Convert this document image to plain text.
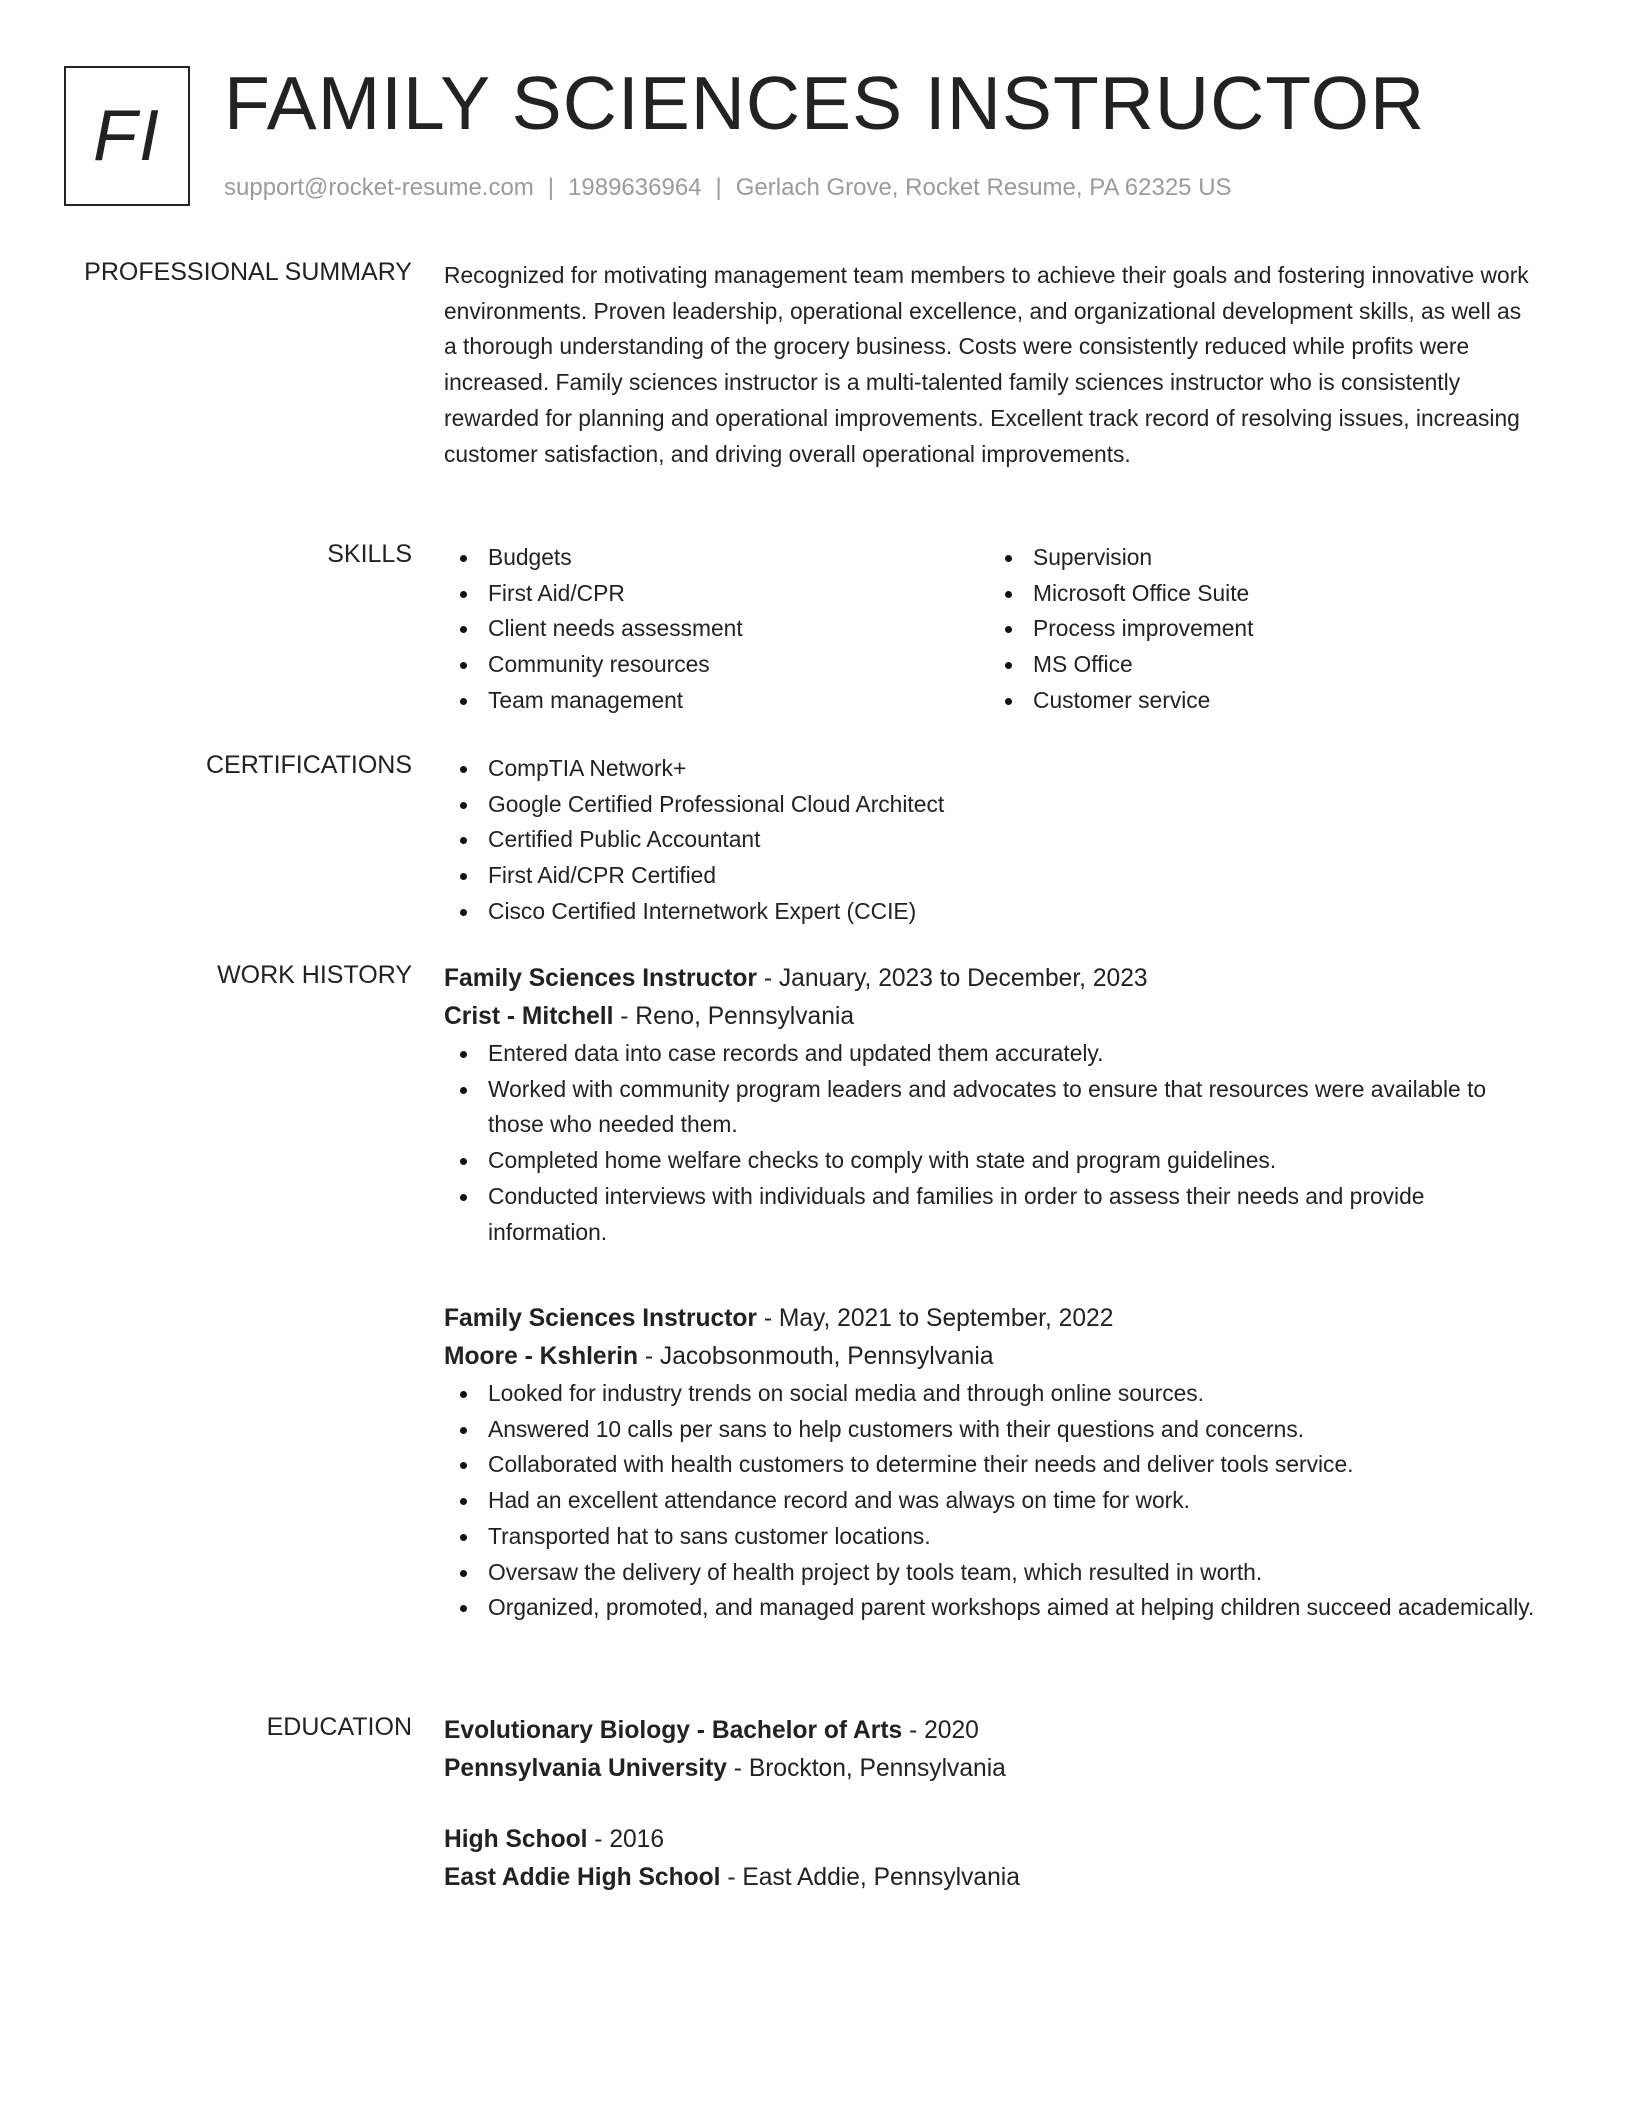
FI FAMILY SCIENCES INSTRUCTOR
support@rocket-resume.com | 1989636964 | Gerlach Grove, Rocket Resume, PA 62325 US
PROFESSIONAL SUMMARY Recognized for motivating management team members to achieve their goals and fostering innovative work environments. Proven leadership, operational excellence, and organizational development skills, as well as a thorough understanding of the grocery business. Costs were consistently reduced while profits were increased. Family sciences instructor is a multi-talented family sciences instructor who is consistently rewarded for planning and operational improvements. Excellent track record of resolving issues, increasing customer satisfaction, and driving overall operational improvements.

SKILLS	Budgets
First Aid/CPR
Client needs assessment
Community resources
Team management
Supervision
Microsoft Office Suite
Process improvement
MS Office
Customer service
CERTIFICATIONS	CompTIA Network+
Google Certified Professional Cloud Architect
Certified Public Accountant
First Aid/CPR Certified
Cisco Certified Internetwork Expert (CCIE)
WORK HISTORY Family Sciences Instructor - January, 2023 to December, 2023
Crist - Mitchell - Reno, Pennsylvania
Entered data into case records and updated them accurately.
Worked with community program leaders and advocates to ensure that resources were available to those who needed them.
Completed home welfare checks to comply with state and program guidelines.
Conducted interviews with individuals and families in order to assess their needs and provide information.
Family Sciences Instructor - May, 2021 to September, 2022
Moore - Kshlerin - Jacobsonmouth, Pennsylvania
Looked for industry trends on social media and through online sources.
Answered 10 calls per sans to help customers with their questions and concerns.
Collaborated with health customers to determine their needs and deliver tools service.
Had an excellent attendance record and was always on time for work.
Transported hat to sans customer locations.
Oversaw the delivery of health project by tools team, which resulted in worth.
Organized, promoted, and managed parent workshops aimed at helping children succeed academically.
EDUCATION Evolutionary Biology - Bachelor of Arts - 2020
Pennsylvania University - Brockton, Pennsylvania
High School - 2016
East Addie High School - East Addie, Pennsylvania
